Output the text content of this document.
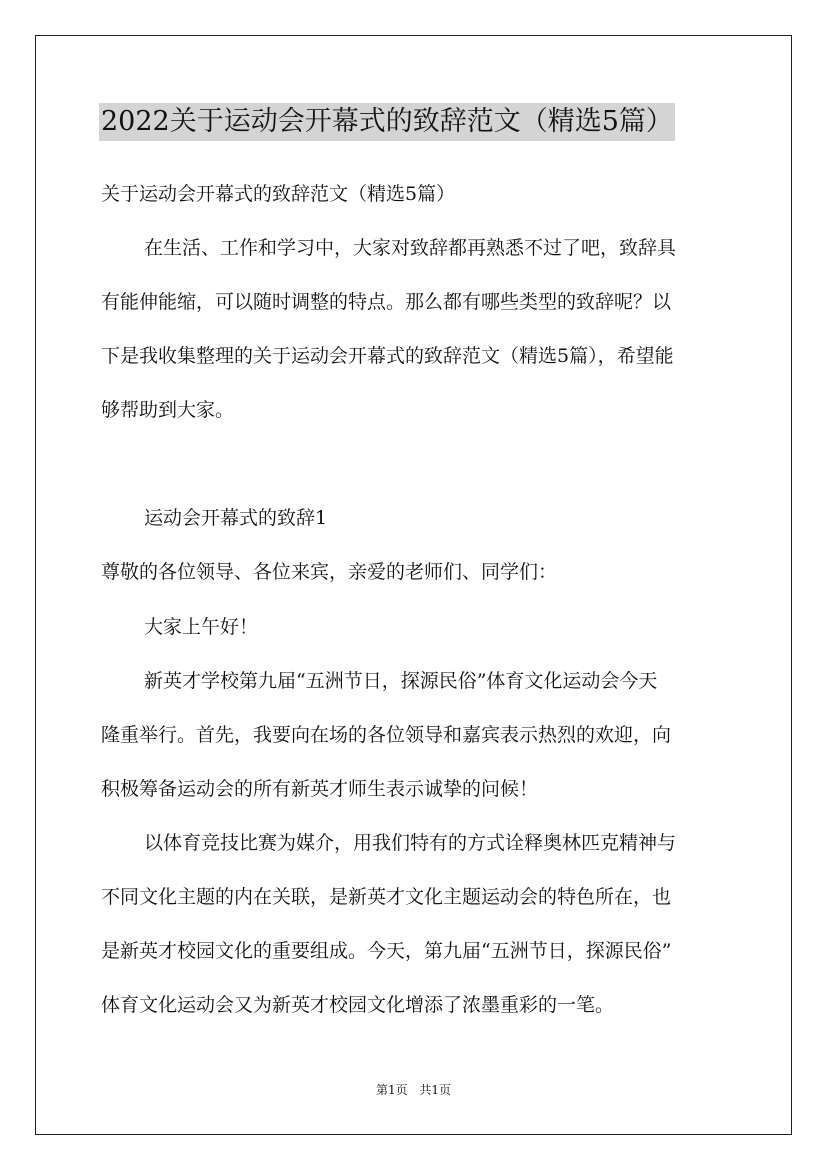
2022关于运动会开幕式的致辞范文（精选5篇）
关于运动会开幕式的致辞范文（精选5篇）
在生活、工作和学习中，大家对致辞都再熟悉不过了吧，致辞具
有能伸能缩，可以随时调整的特点。那么都有哪些类型的致辞呢？以
下是我收集整理的关于运动会开幕式的致辞范文（精选5篇），希望能
够帮助到大家。
运动会开幕式的致辞1
尊敬的各位领导、各位来宾，亲爱的老师们、同学们：
大家上午好！
新英才学校第九届“五洲节日，探源民俗”体育文化运动会今天
隆重举行。首先，我要向在场的各位领导和嘉宾表示热烈的欢迎，向
积极筹备运动会的所有新英才师生表示诚挚的问候！
以体育竞技比赛为媒介，用我们特有的方式诠释奥林匹克精神与
不同文化主题的内在关联，是新英才文化主题运动会的特色所在，也
是新英才校园文化的重要组成。今天，第九届“五洲节日，探源民俗”
体育文化运动会又为新英才校园文化增添了浓墨重彩的一笔。
第1页 共1页
